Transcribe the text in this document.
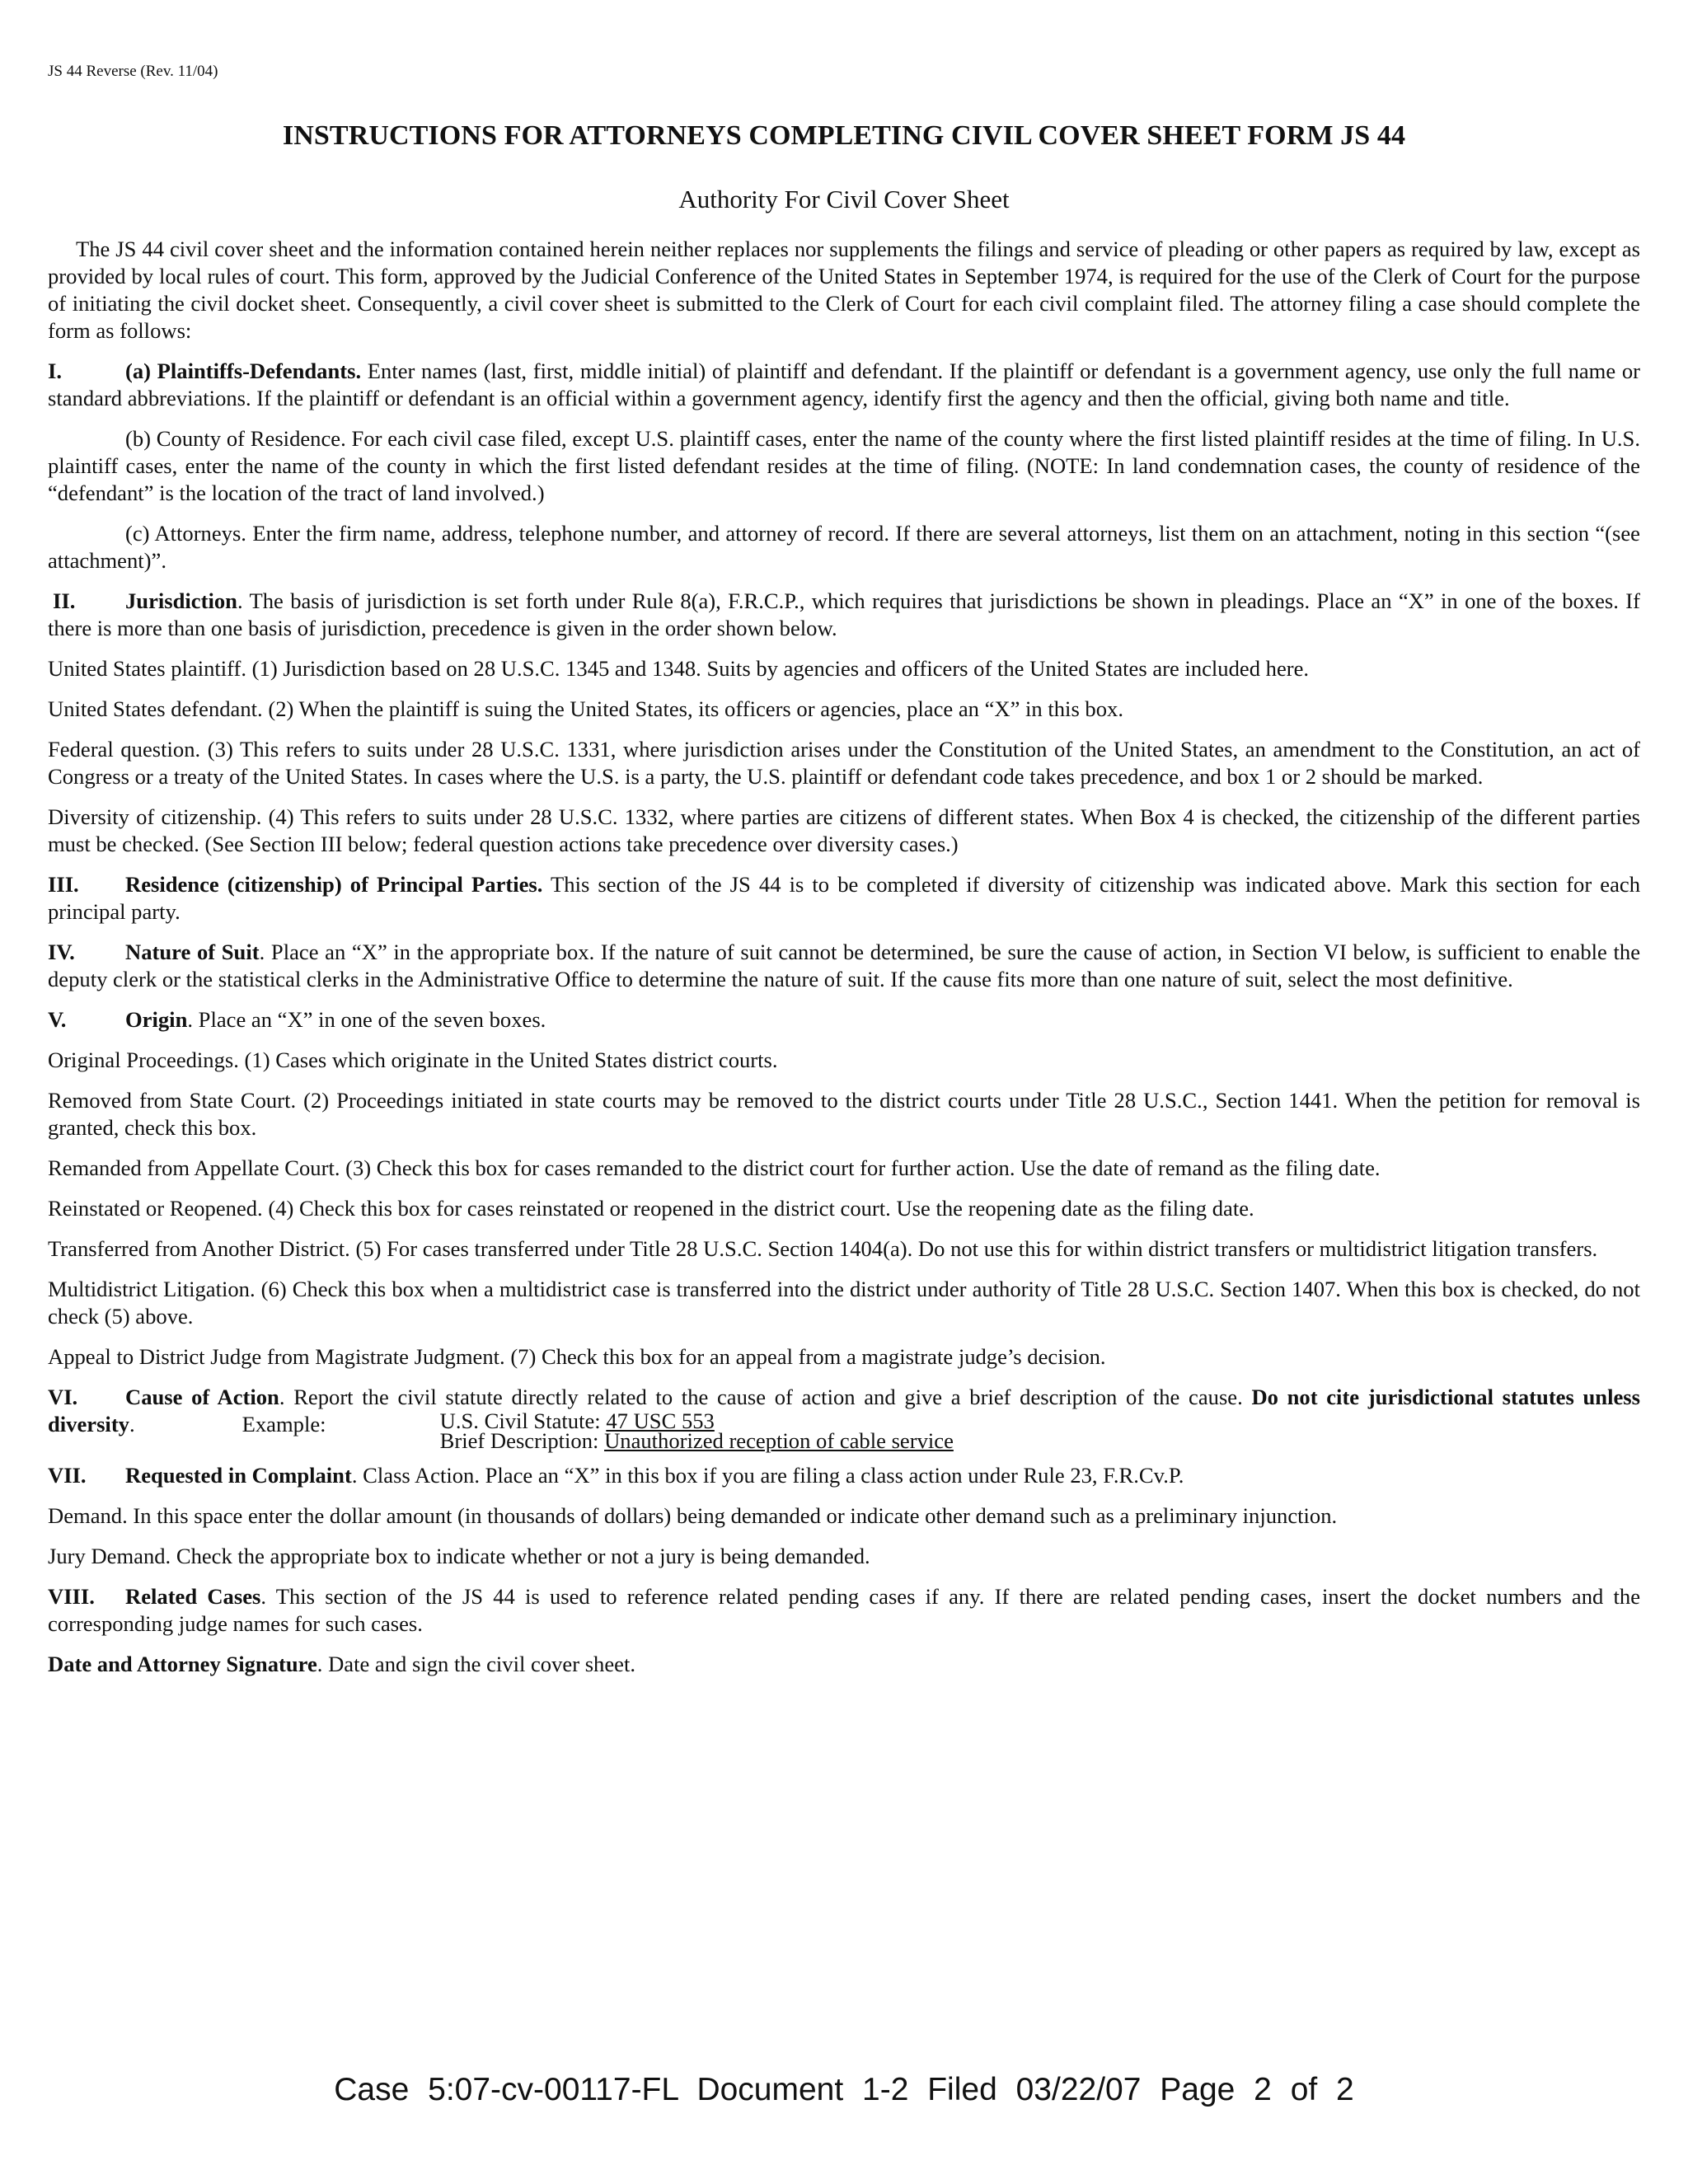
JS 44 Reverse (Rev. 11/04)
INSTRUCTIONS FOR ATTORNEYS COMPLETING CIVIL COVER SHEET FORM JS 44
Authority For Civil Cover Sheet

The JS 44 civil cover sheet and the information contained herein neither replaces nor supplements the filings and service of pleading or other papers as required by law, except as provided by local rules of court. This form, approved by the Judicial Conference of the United States in September 1974, is required for the use of the Clerk of Court for the purpose of initiating the civil docket sheet. Consequently, a civil cover sheet is submitted to the Clerk of Court for each civil complaint filed. The attorney filing a case should complete the form as follows:

I.	(a) Plaintiffs-Defendants. Enter names (last, first, middle initial) of plaintiff and defendant. If the plaintiff or defendant is a government agency, use only the full name or standard abbreviations. If the plaintiff or defendant is an official within a government agency, identify first the agency and then the official, giving both name and title.

(b) County of Residence. For each civil case filed, except U.S. plaintiff cases, enter the name of the county where the first listed plaintiff resides at the time of filing. In U.S. plaintiff cases, enter the name of the county in which the first listed defendant resides at the time of filing. (NOTE: In land condemnation cases, the county of residence of the “defendant” is the location of the tract of land involved.)

(c) Attorneys. Enter the firm name, address, telephone number, and attorney of record. If there are several attorneys, list them on an attachment, noting in this section “(see attachment)”.

II. Jurisdiction. The basis of jurisdiction is set forth under Rule 8(a), F.R.C.P., which requires that jurisdictions be shown in pleadings. Place an “X” in one of the boxes. If there is more than one basis of jurisdiction, precedence is given in the order shown below.

United States plaintiff. (1) Jurisdiction based on 28 U.S.C. 1345 and 1348. Suits by agencies and officers of the United States are included here.

United States defendant. (2) When the plaintiff is suing the United States, its officers or agencies, place an “X” in this box.

Federal question. (3) This refers to suits under 28 U.S.C. 1331, where jurisdiction arises under the Constitution of the United States, an amendment to the Constitution, an act of Congress or a treaty of the United States. In cases where the U.S. is a party, the U.S. plaintiff or defendant code takes precedence, and box 1 or 2 should be marked.

Diversity of citizenship. (4) This refers to suits under 28 U.S.C. 1332, where parties are citizens of different states. When Box 4 is checked, the citizenship of the different parties must be checked. (See Section III below; federal question actions take precedence over diversity cases.)

III. Residence (citizenship) of Principal Parties. This section of the JS 44 is to be completed if diversity of citizenship was indicated above. Mark this section for each principal party.

IV. Nature of Suit. Place an “X” in the appropriate box. If the nature of suit cannot be determined, be sure the cause of action, in Section VI below, is sufficient to enable the deputy clerk or the statistical clerks in the Administrative Office to determine the nature of suit. If the cause fits more than one nature of suit, select the most definitive.

V.	Origin. Place an “X” in one of the seven boxes.

Original Proceedings. (1) Cases which originate in the United States district courts.

Removed from State Court. (2) Proceedings initiated in state courts may be removed to the district courts under Title 28 U.S.C., Section 1441. When the petition for removal is granted, check this box.

Remanded from Appellate Court. (3) Check this box for cases remanded to the district court for further action. Use the date of remand as the filing date.

Reinstated or Reopened. (4) Check this box for cases reinstated or reopened in the district court. Use the reopening date as the filing date.

Transferred from Another District. (5) For cases transferred under Title 28 U.S.C. Section 1404(a). Do not use this for within district transfers or multidistrict litigation transfers.

Multidistrict Litigation. (6) Check this box when a multidistrict case is transferred into the district under authority of Title 28 U.S.C. Section 1407. When this box is checked, do not check (5) above.

Appeal to District Judge from Magistrate Judgment. (7) Check this box for an appeal from a magistrate judge’s decision.

VI. Cause of Action. Report the civil statute directly related to the cause of action and give a brief description of the cause. Do not cite jurisdictional statutes unless diversity.	Example:	U.S. Civil Statute: 47 USC 553
Brief Description: Unauthorized reception of cable service

VII. Requested in Complaint. Class Action. Place an “X” in this box if you are filing a class action under Rule 23, F.R.Cv.P.

Demand. In this space enter the dollar amount (in thousands of dollars) being demanded or indicate other demand such as a preliminary injunction.

Jury Demand. Check the appropriate box to indicate whether or not a jury is being demanded.

VIII. Related Cases. This section of the JS 44 is used to reference related pending cases if any. If there are related pending cases, insert the docket numbers and the corresponding judge names for such cases.

Date and Attorney Signature. Date and sign the civil cover sheet.

Case 5:07-cv-00117-FL Document 1-2 Filed 03/22/07 Page 2 of 2
